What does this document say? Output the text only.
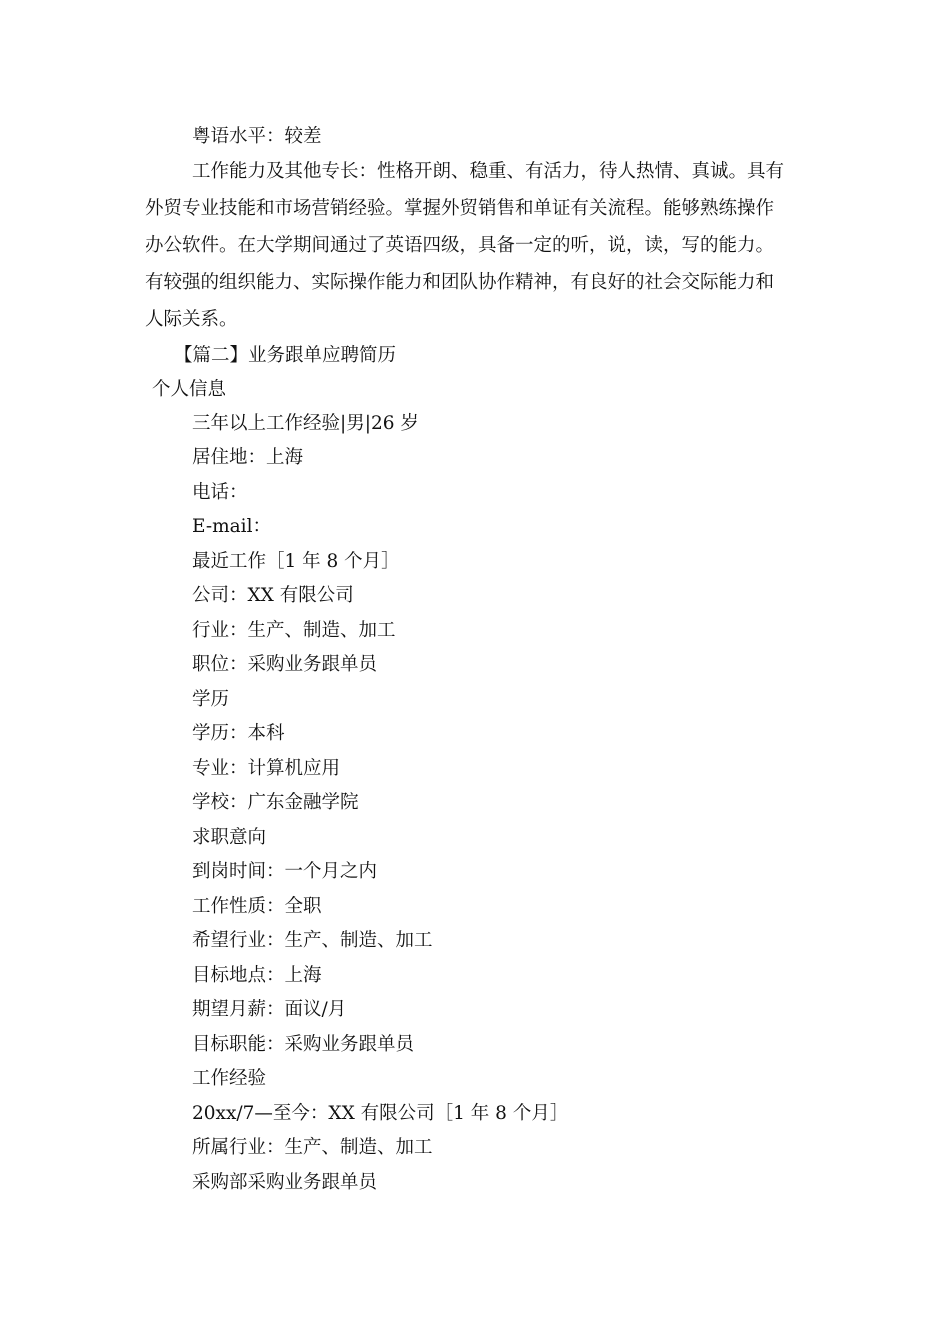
粤语水平：较差
工作能力及其他专长：性格开朗、稳重、有活力，待人热情、真诚。具有
外贸专业技能和市场营销经验。掌握外贸销售和单证有关流程。能够熟练操作
办公软件。在大学期间通过了英语四级，具备一定的听，说，读，写的能力。
有较强的组织能力、实际操作能力和团队协作精神，有良好的社会交际能力和
人际关系。
【篇二】业务跟单应聘简历
个人信息
三年以上工作经验|男|26 岁
居住地：上海
电话：
E-mail：
最近工作［1 年 8 个月］
公司：XX 有限公司
行业：生产、制造、加工
职位：采购业务跟单员
学历
学历：本科
专业：计算机应用
学校：广东金融学院
求职意向
到岗时间：一个月之内
工作性质：全职
希望行业：生产、制造、加工
目标地点：上海
期望月薪：面议/月
目标职能：采购业务跟单员
工作经验
20xx/7—至今：XX 有限公司［1 年 8 个月］
所属行业：生产、制造、加工
采购部采购业务跟单员
